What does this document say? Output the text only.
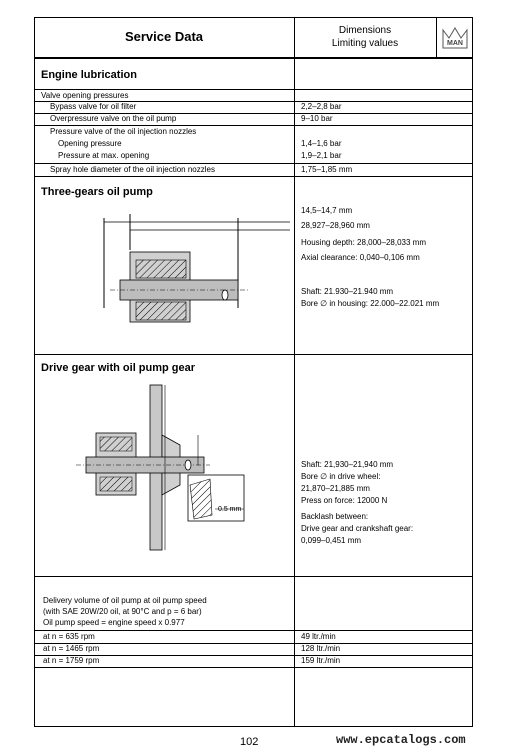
Service Data	Dimensions
Limiting values	MAN
Engine lubrication
Valve opening pressures
Bypass valve for oil filter	2,2–2,8 bar
Overpressure valve on the oil pump	9–10 bar
Pressure valve of the oil injection nozzles
Opening pressure	1,4–1,6 bar
Pressure at max. opening	1,9–2,1 bar
Spray hole diameter of the oil injection nozzles	1,75–1,85 mm
Three-gears oil pump
14,5–14,7 mm
28,927–28,960 mm
Housing depth: 28,000–28,033 mm
Axial clearance: 0,040–0,106 mm
Shaft: 21.930–21.940 mm
Bore ∅ in housing: 22.000–22.021 mm
Drive gear with oil pump gear
0.5 mm
Shaft: 21,930–21,940 mm
Bore ∅ in drive wheel:
21,870–21,885 mm
Press on force: 12000 N
Backlash between:
Drive gear and crankshaft gear:
0,099–0,451 mm
Delivery volume of oil pump at oil pump speed
(with SAE 20W/20 oil, at 90°C and p = 6 bar)
Oil pump speed = engine speed x 0.977
at n = 635 rpm	49 ltr./min
at n = 1465 rpm	128 ltr./min
at n = 1759 rpm	159 ltr./min
102	www.epcatalogs.com
